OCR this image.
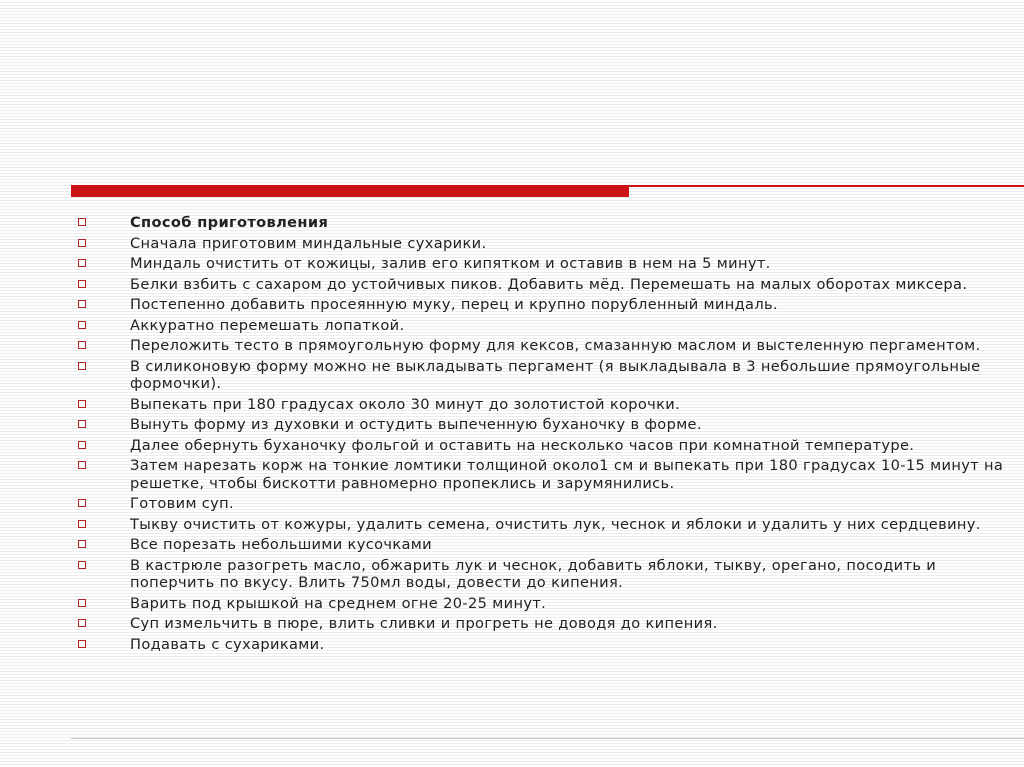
Способ приготовления
Сначала приготовим миндальные сухарики.
Миндаль очистить от кожицы, залив его кипятком и оставив в нем на 5 минут.
Белки взбить с сахаром до устойчивых пиков. Добавить мёд. Перемешать на малых оборотах миксера.
Постепенно добавить просеянную муку, перец и крупно порубленный миндаль.
Аккуратно перемешать лопаткой.
Переложить тесто в прямоугольную форму для кексов, смазанную маслом и выстеленную пергаментом.
В силиконовую форму можно не выкладывать пергамент (я выкладывала в 3 небольшие прямоугольные формочки).
Выпекать при 180 градусах около 30 минут до золотистой корочки.
Вынуть форму из духовки и остудить выпеченную буханочку в форме.
Далее обернуть буханочку фольгой и оставить на несколько часов при комнатной температуре.
Затем нарезать корж на тонкие ломтики толщиной около1 см и выпекать при 180 градусах 10-15 минут на решетке, чтобы бискотти равномерно пропеклись и зарумянились.
Готовим суп.
Тыкву очистить от кожуры, удалить семена, очистить лук, чеснок и яблоки и удалить у них сердцевину.
Все порезать небольшими кусочками
В кастрюле разогреть масло, обжарить лук и чеснок, добавить яблоки, тыкву, орегано, посодить и поперчить по вкусу. Влить 750мл воды, довести до кипения.
Варить под крышкой на среднем огне 20-25 минут.
Суп измельчить в пюре, влить сливки и прогреть не доводя до кипения.
Подавать с сухариками.
